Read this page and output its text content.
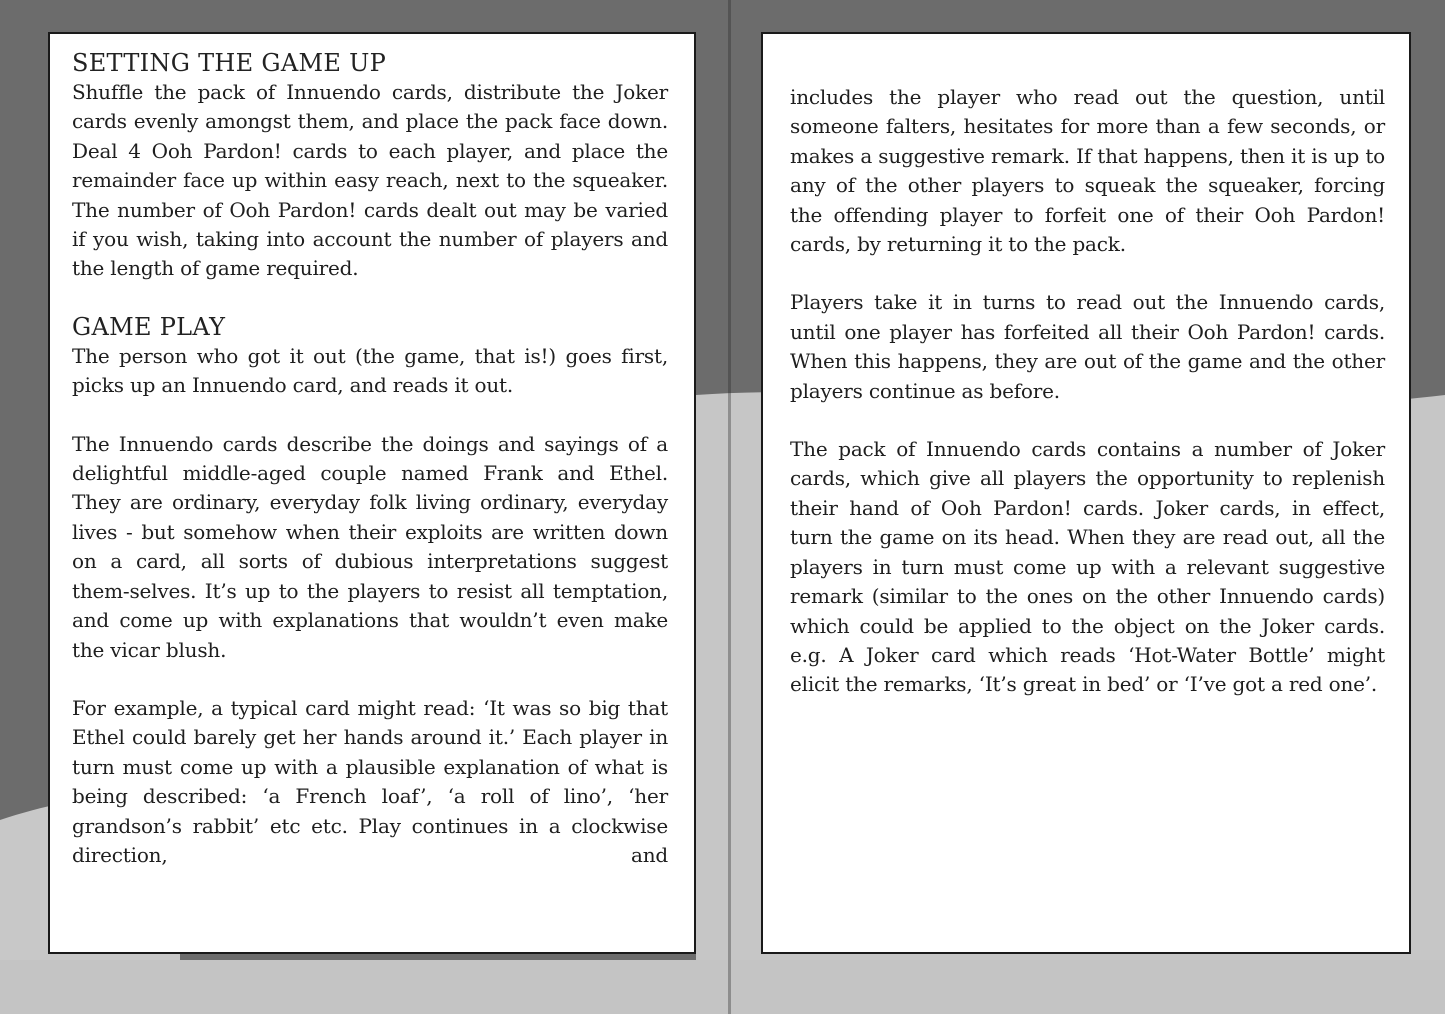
SETTING THE GAME UP

Shuffle the pack of Innuendo cards, distribute the Joker cards evenly amongst them, and place the pack face down. Deal 4 Ooh Pardon! cards to each player, and place the remainder face up within easy reach, next to the squeaker. The number of Ooh Pardon! cards dealt out may be varied if you wish, taking into account the number of players and the length of game required.

GAME PLAY

The person who got it out (the game, that is!) goes first, picks up an Innuendo card, and reads it out.

The Innuendo cards describe the doings and sayings of a delightful middle-aged couple named Frank and Ethel. They are ordinary, everyday folk living ordinary, everyday lives - but somehow when their exploits are written down on a card, all sorts of dubious interpretations suggest them-selves. It’s up to the players to resist all temptation, and come up with explanations that wouldn’t even make the vicar blush.

For example, a typical card might read: ‘It was so big that Ethel could barely get her hands around it.’ Each player in turn must come up with a plausible explanation of what is being described: ‘a French loaf’, ‘a roll of lino’, ‘her grandson’s rabbit’ etc etc. Play continues in a clockwise direction, and

includes the player who read out the question, until someone falters, hesitates for more than a few seconds, or makes a suggestive remark. If that happens, then it is up to any of the other players to squeak the squeaker, forcing the offending player to forfeit one of their Ooh Pardon! cards, by returning it to the pack.

Players take it in turns to read out the Innuendo cards, until one player has forfeited all their Ooh Pardon! cards. When this happens, they are out of the game and the other players continue as before.

The pack of Innuendo cards contains a number of Joker cards, which give all players the opportunity to replenish their hand of Ooh Pardon! cards. Joker cards, in effect, turn the game on its head. When they are read out, all the players in turn must come up with a relevant suggestive remark (similar to the ones on the other Innuendo cards) which could be applied to the object on the Joker cards. e.g. A Joker card which reads ‘Hot-Water Bottle’ might elicit the remarks, ‘It’s great in bed’ or ‘I’ve got a red one’.
